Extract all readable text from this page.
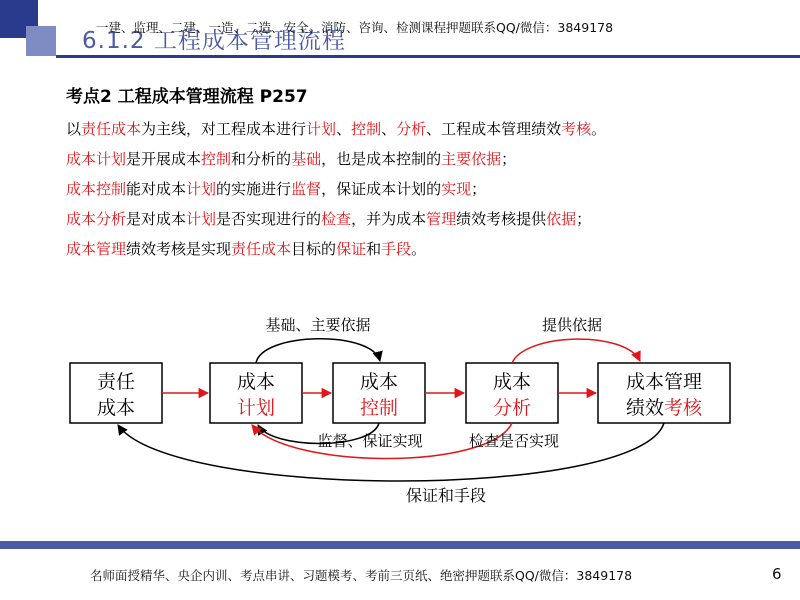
6.1.2 工程成本管理流程
一建、监理、二建、一造、二造、安全、消防、咨询、检测课程押题联系QQ/微信：3849178
考点2 工程成本管理流程 P257
以责任成本为主线，对工程成本进行计划、控制、分析、工程成本管理绩效考核。
成本计划是开展成本控制和分析的基础，也是成本控制的主要依据；
成本控制能对成本计划的实施进行监督，保证成本计划的实现；
成本分析是对成本计划是否实现进行的检查，并为成本管理绩效考核提供依据；
成本管理绩效考核是实现责任成本目标的保证和手段。
责任
成本
成本
计划
成本
控制
成本
分析
成本管理
绩效考核
基础、主要依据	提供依据
监督、保证实现	检查是否实现
保证和手段
名师面授精华、央企内训、考点串讲、习题模考、考前三页纸、绝密押题联系QQ/微信：3849178	6
